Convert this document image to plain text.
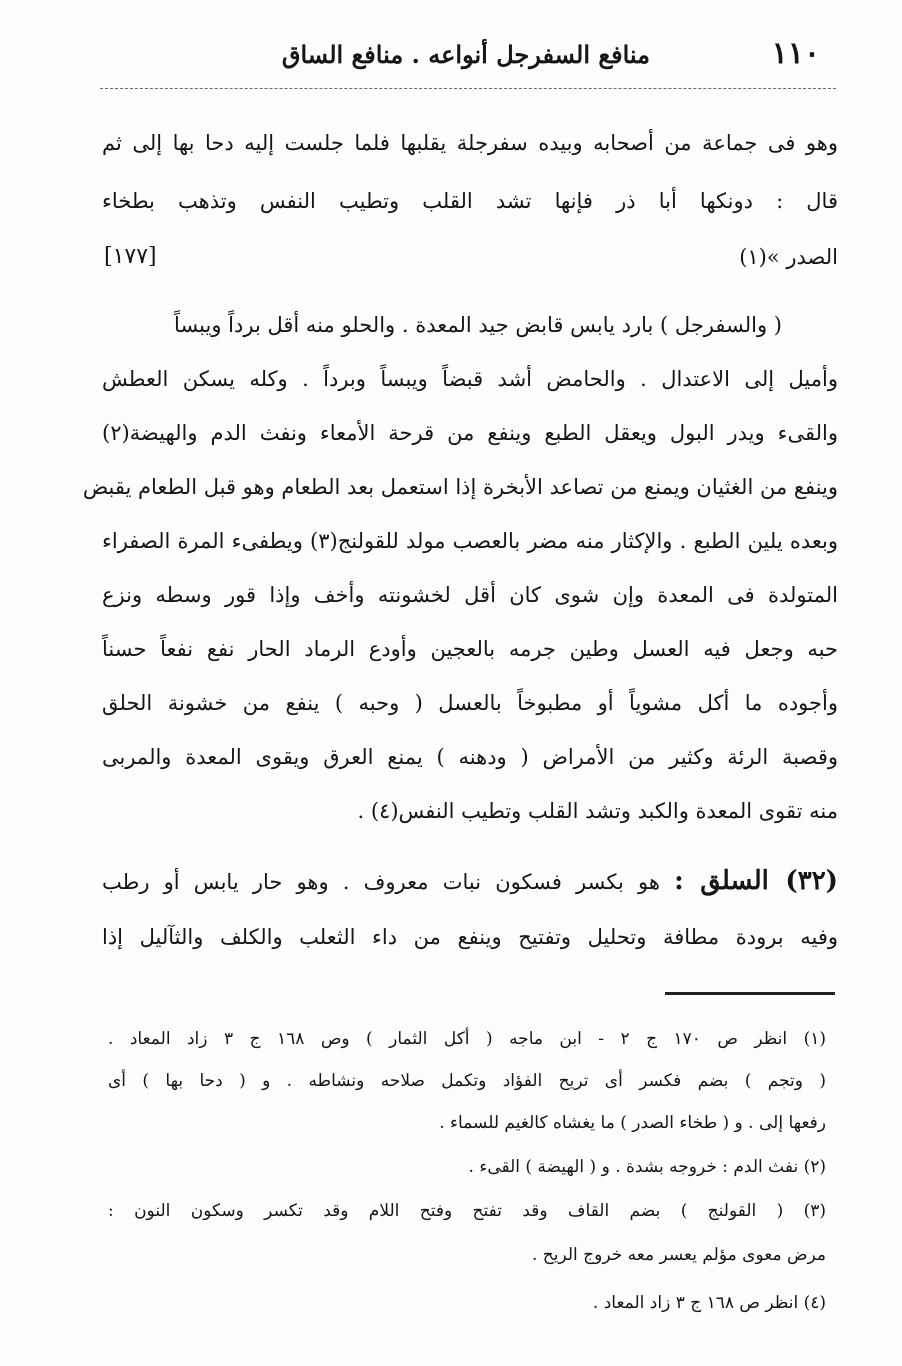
١١٠
منافع السفرجل أنواعه . منافع الساق
وهو فى جماعة من أصحابه وبيده سفرجلة يقلبها فلما جلست إليه دحا بها إلى ثم
قال : دونكها أبا ذر فإنها تشد القلب وتطيب النفس وتذهب بطخاء
الصدر »(١)
[١٧٧]
( والسفرجل ) بارد يابس قابض جيد المعدة . والحلو منه أقل برداً ويبساً
وأميل إلى الاعتدال . والحامض أشد قبضاً ويبساً وبرداً . وكله يسكن العطش
والقىء ويدر البول ويعقل الطبع وينفع من قرحة الأمعاء ونفث الدم والهيضة(٢)
وينفع من الغثيان ويمنع من تصاعد الأبخرة إذا استعمل بعد الطعام وهو قبل الطعام يقبض
وبعده يلين الطبع . والإكثار منه مضر بالعصب مولد للقولنج(٣) ويطفىء المرة الصفراء
المتولدة فى المعدة وإن شوى كان أقل لخشونته وأخف وإذا قور وسطه ونزع
حبه وجعل فيه العسل وطين جرمه بالعجين وأودع الرماد الحار نفع نفعاً حسناً
وأجوده ما أكل مشوياً أو مطبوخاً بالعسل ( وحبه ) ينفع من خشونة الحلق
وقصبة الرئة وكثير من الأمراض ( ودهنه ) يمنع العرق ويقوى المعدة والمربى
منه تقوى المعدة والكبد وتشد القلب وتطيب النفس(٤) .
(٣٢) السلق : هو بكسر فسكون نبات معروف . وهو حار يابس أو رطب
وفيه برودة مطافة وتحليل وتفتيح وينفع من داء الثعلب والكلف والثآليل إذا
(١) انظر ص ١٧٠ ج ٢ - ابن ماجه ( أكل الثمار ) وص ١٦٨ ج ٣ زاد المعاد .
( وتجم ) بضم فكسر أى تريح الفؤاد وتكمل صلاحه ونشاطه . و ( دحا بها ) أى
رفعها إلى . و ( طخاء الصدر ) ما يغشاه كالغيم للسماء .
(٢) نفث الدم : خروجه بشدة . و ( الهيضة ) القىء .
(٣) ( القولنج ) بضم القاف وقد تفتح وفتح اللام وقد تكسر وسكون النون :
مرض معوى مؤلم يعسر معه خروج الريح .
(٤) انظر ص ١٦٨ ج ٣ زاد المعاد .
